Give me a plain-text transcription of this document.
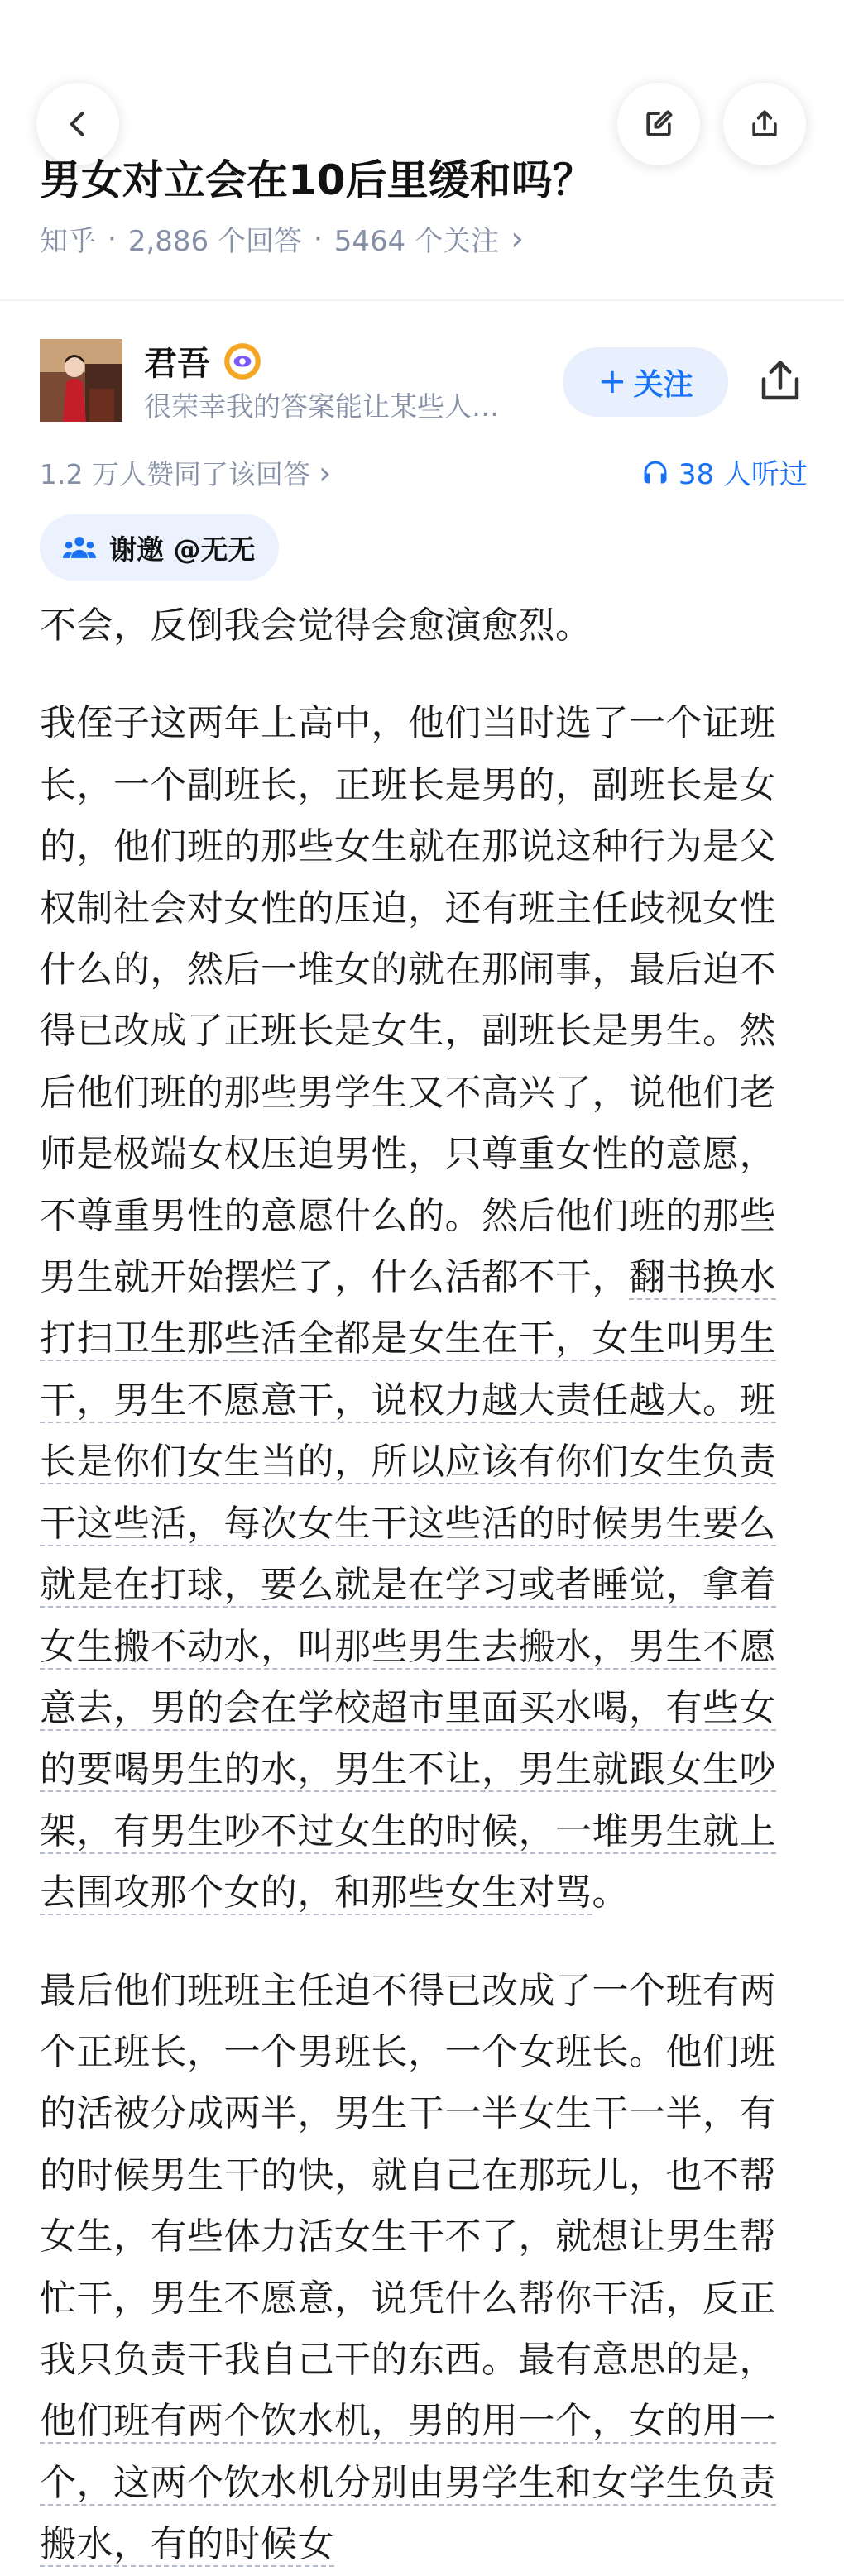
男女对立会在10后里缓和吗？
知乎 · 2,886 个回答 · 5464 个关注 ›
君吾
很荣幸我的答案能让某些人…
+ 关注
1.2 万人赞同了该回答 ›	38 人听过
谢邀 @无无

不会，反倒我会觉得会愈演愈烈。

我侄子这两年上高中，他们当时选了一个证班长，一个副班长，正班长是男的，副班长是女的，他们班的那些女生就在那说这种行为是父权制社会对女性的压迫，还有班主任歧视女性什么的，然后一堆女的就在那闹事，最后迫不得已改成了正班长是女生，副班长是男生。然后他们班的那些男学生又不高兴了，说他们老师是极端女权压迫男性，只尊重女性的意愿，不尊重男性的意愿什么的。然后他们班的那些男生就开始摆烂了，什么活都不干，翻书换水打扫卫生那些活全都是女生在干，女生叫男生干，男生不愿意干，说权力越大责任越大。班长是你们女生当的，所以应该有你们女生负责干这些活，每次女生干这些活的时候男生要么就是在打球，要么就是在学习或者睡觉，拿着女生搬不动水，叫那些男生去搬水，男生不愿意去，男的会在学校超市里面买水喝，有些女的要喝男生的水，男生不让，男生就跟女生吵架，有男生吵不过女生的时候，一堆男生就上去围攻那个女的，和那些女生对骂。

最后他们班班主任迫不得已改成了一个班有两个正班长，一个男班长，一个女班长。他们班的活被分成两半，男生干一半女生干一半，有的时候男生干的快，就自己在那玩儿，也不帮女生，有些体力活女生干不了，就想让男生帮忙干，男生不愿意，说凭什么帮你干活，反正我只负责干我自己干的东西。最有意思的是，他们班有两个饮水机，男的用一个，女的用一个，这两个饮水机分别由男学生和女学生负责搬水，有的时候女
